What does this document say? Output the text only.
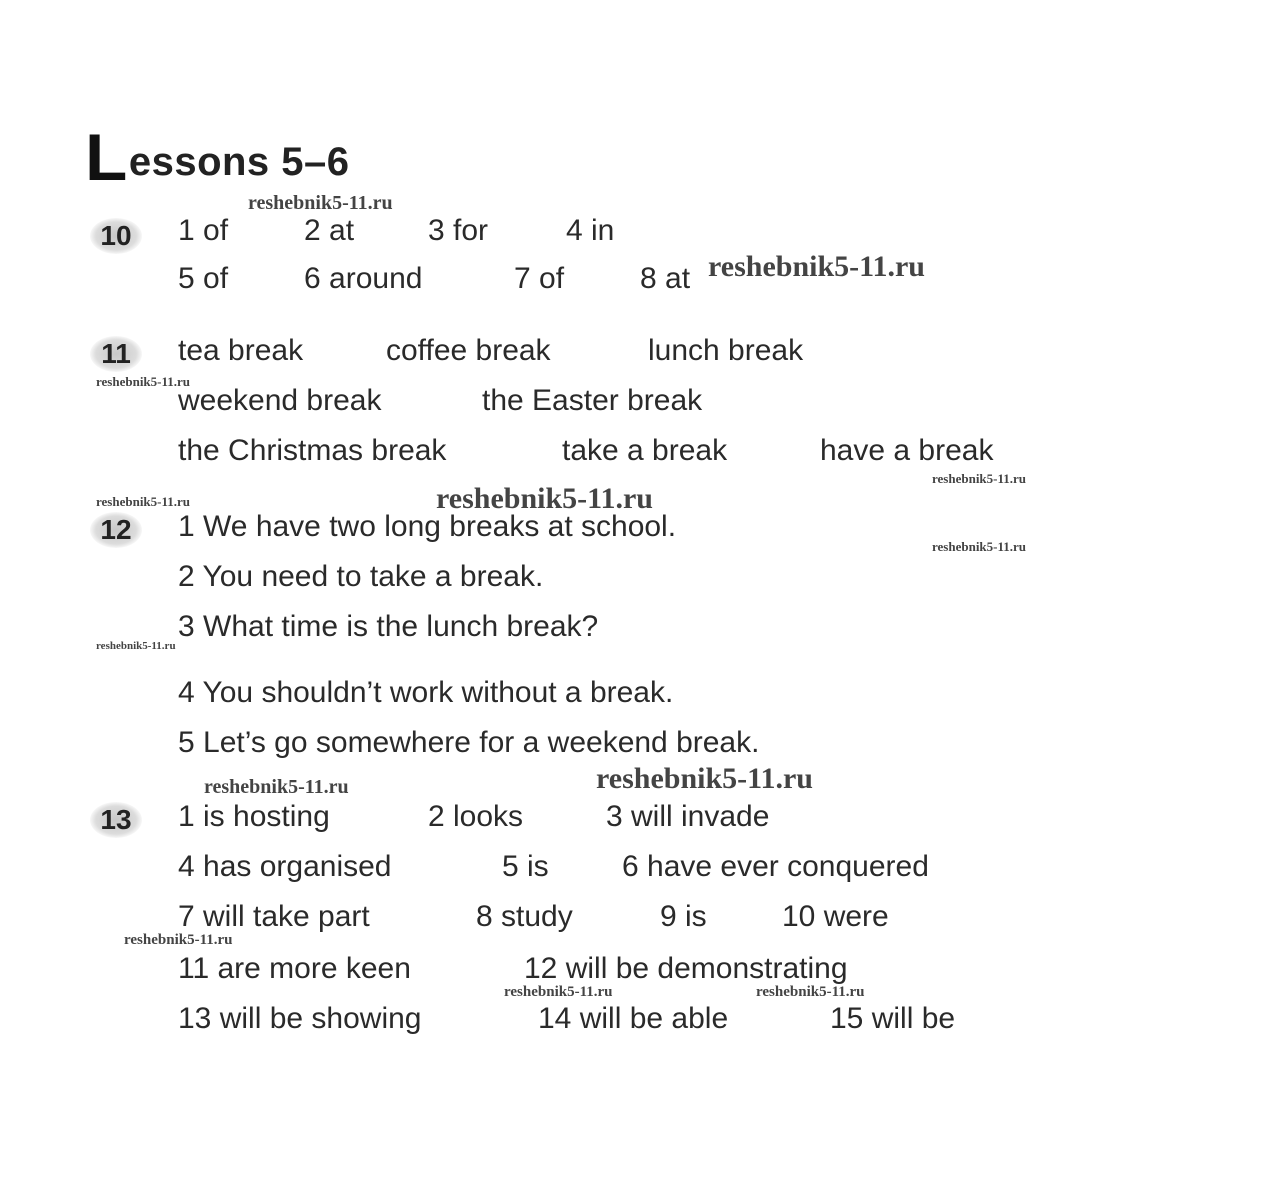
L essons 5–6
10 1 of	2 at 3 for	4 in
5 of	6 around	7 of	8 at
11 tea break	coffee break	lunch break
weekend break	the Easter break
the Christmas break	take a break	have a break
12 1 We have two long breaks at school.
2 You need to take a break.
3 What time is the lunch break?
4 You shouldn’t work without a break.
5 Let’s go somewhere for a weekend break.
13 1 is hosting	2 looks	3 will invade
4 has organised	5 is 6 have ever conquered
7 will take part	8 study	9 is	10 were
11 are more keen	12 will be demonstrating
13 will be showing	14 will be able	15 will be
reshebnik5-11.ru
reshebnik5-11.ru
reshebnik5-11.ru
reshebnik5-11.ru
reshebnik5-11.ru	reshebnik5-11.ru
reshebnik5-11.ru
reshebnik5-11.ru
reshebnik5-11.ru	reshebnik5-11.ru
reshebnik5-11.ru
reshebnik5-11.ru	reshebnik5-11.ru
